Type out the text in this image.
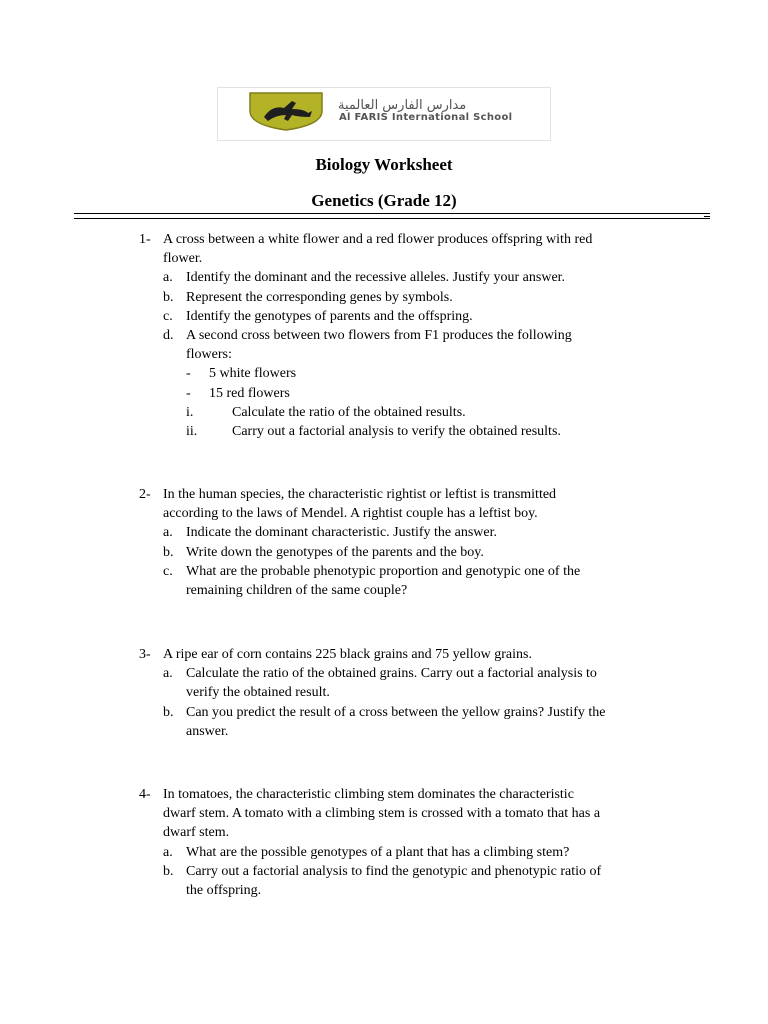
مدارس الفارس العالمية
Al FARIS International School
Biology Worksheet
Genetics (Grade 12)
1- A cross between a white flower and a red flower produces offspring with red
flower.
a. Identify the dominant and the recessive alleles. Justify your answer.
b. Represent the corresponding genes by symbols.
c. Identify the genotypes of parents and the offspring.
d. A second cross between two flowers from F1 produces the following
flowers:
- 5 white flowers
- 15 red flowers
i.	Calculate the ratio of the obtained results.
ii. Carry out a factorial analysis to verify the obtained results.
2- In the human species, the characteristic rightist or leftist is transmitted
according to the laws of Mendel. A rightist couple has a leftist boy.
a. Indicate the dominant characteristic. Justify the answer.
b. Write down the genotypes of the parents and the boy.
c. What are the probable phenotypic proportion and genotypic one of the
remaining children of the same couple?
3- A ripe ear of corn contains 225 black grains and 75 yellow grains.
a. Calculate the ratio of the obtained grains. Carry out a factorial analysis to
verify the obtained result.
b. Can you predict the result of a cross between the yellow grains? Justify the
answer.
4- In tomatoes, the characteristic climbing stem dominates the characteristic
dwarf stem. A tomato with a climbing stem is crossed with a tomato that has a
dwarf stem.
a. What are the possible genotypes of a plant that has a climbing stem?
b. Carry out a factorial analysis to find the genotypic and phenotypic ratio of
the offspring.
